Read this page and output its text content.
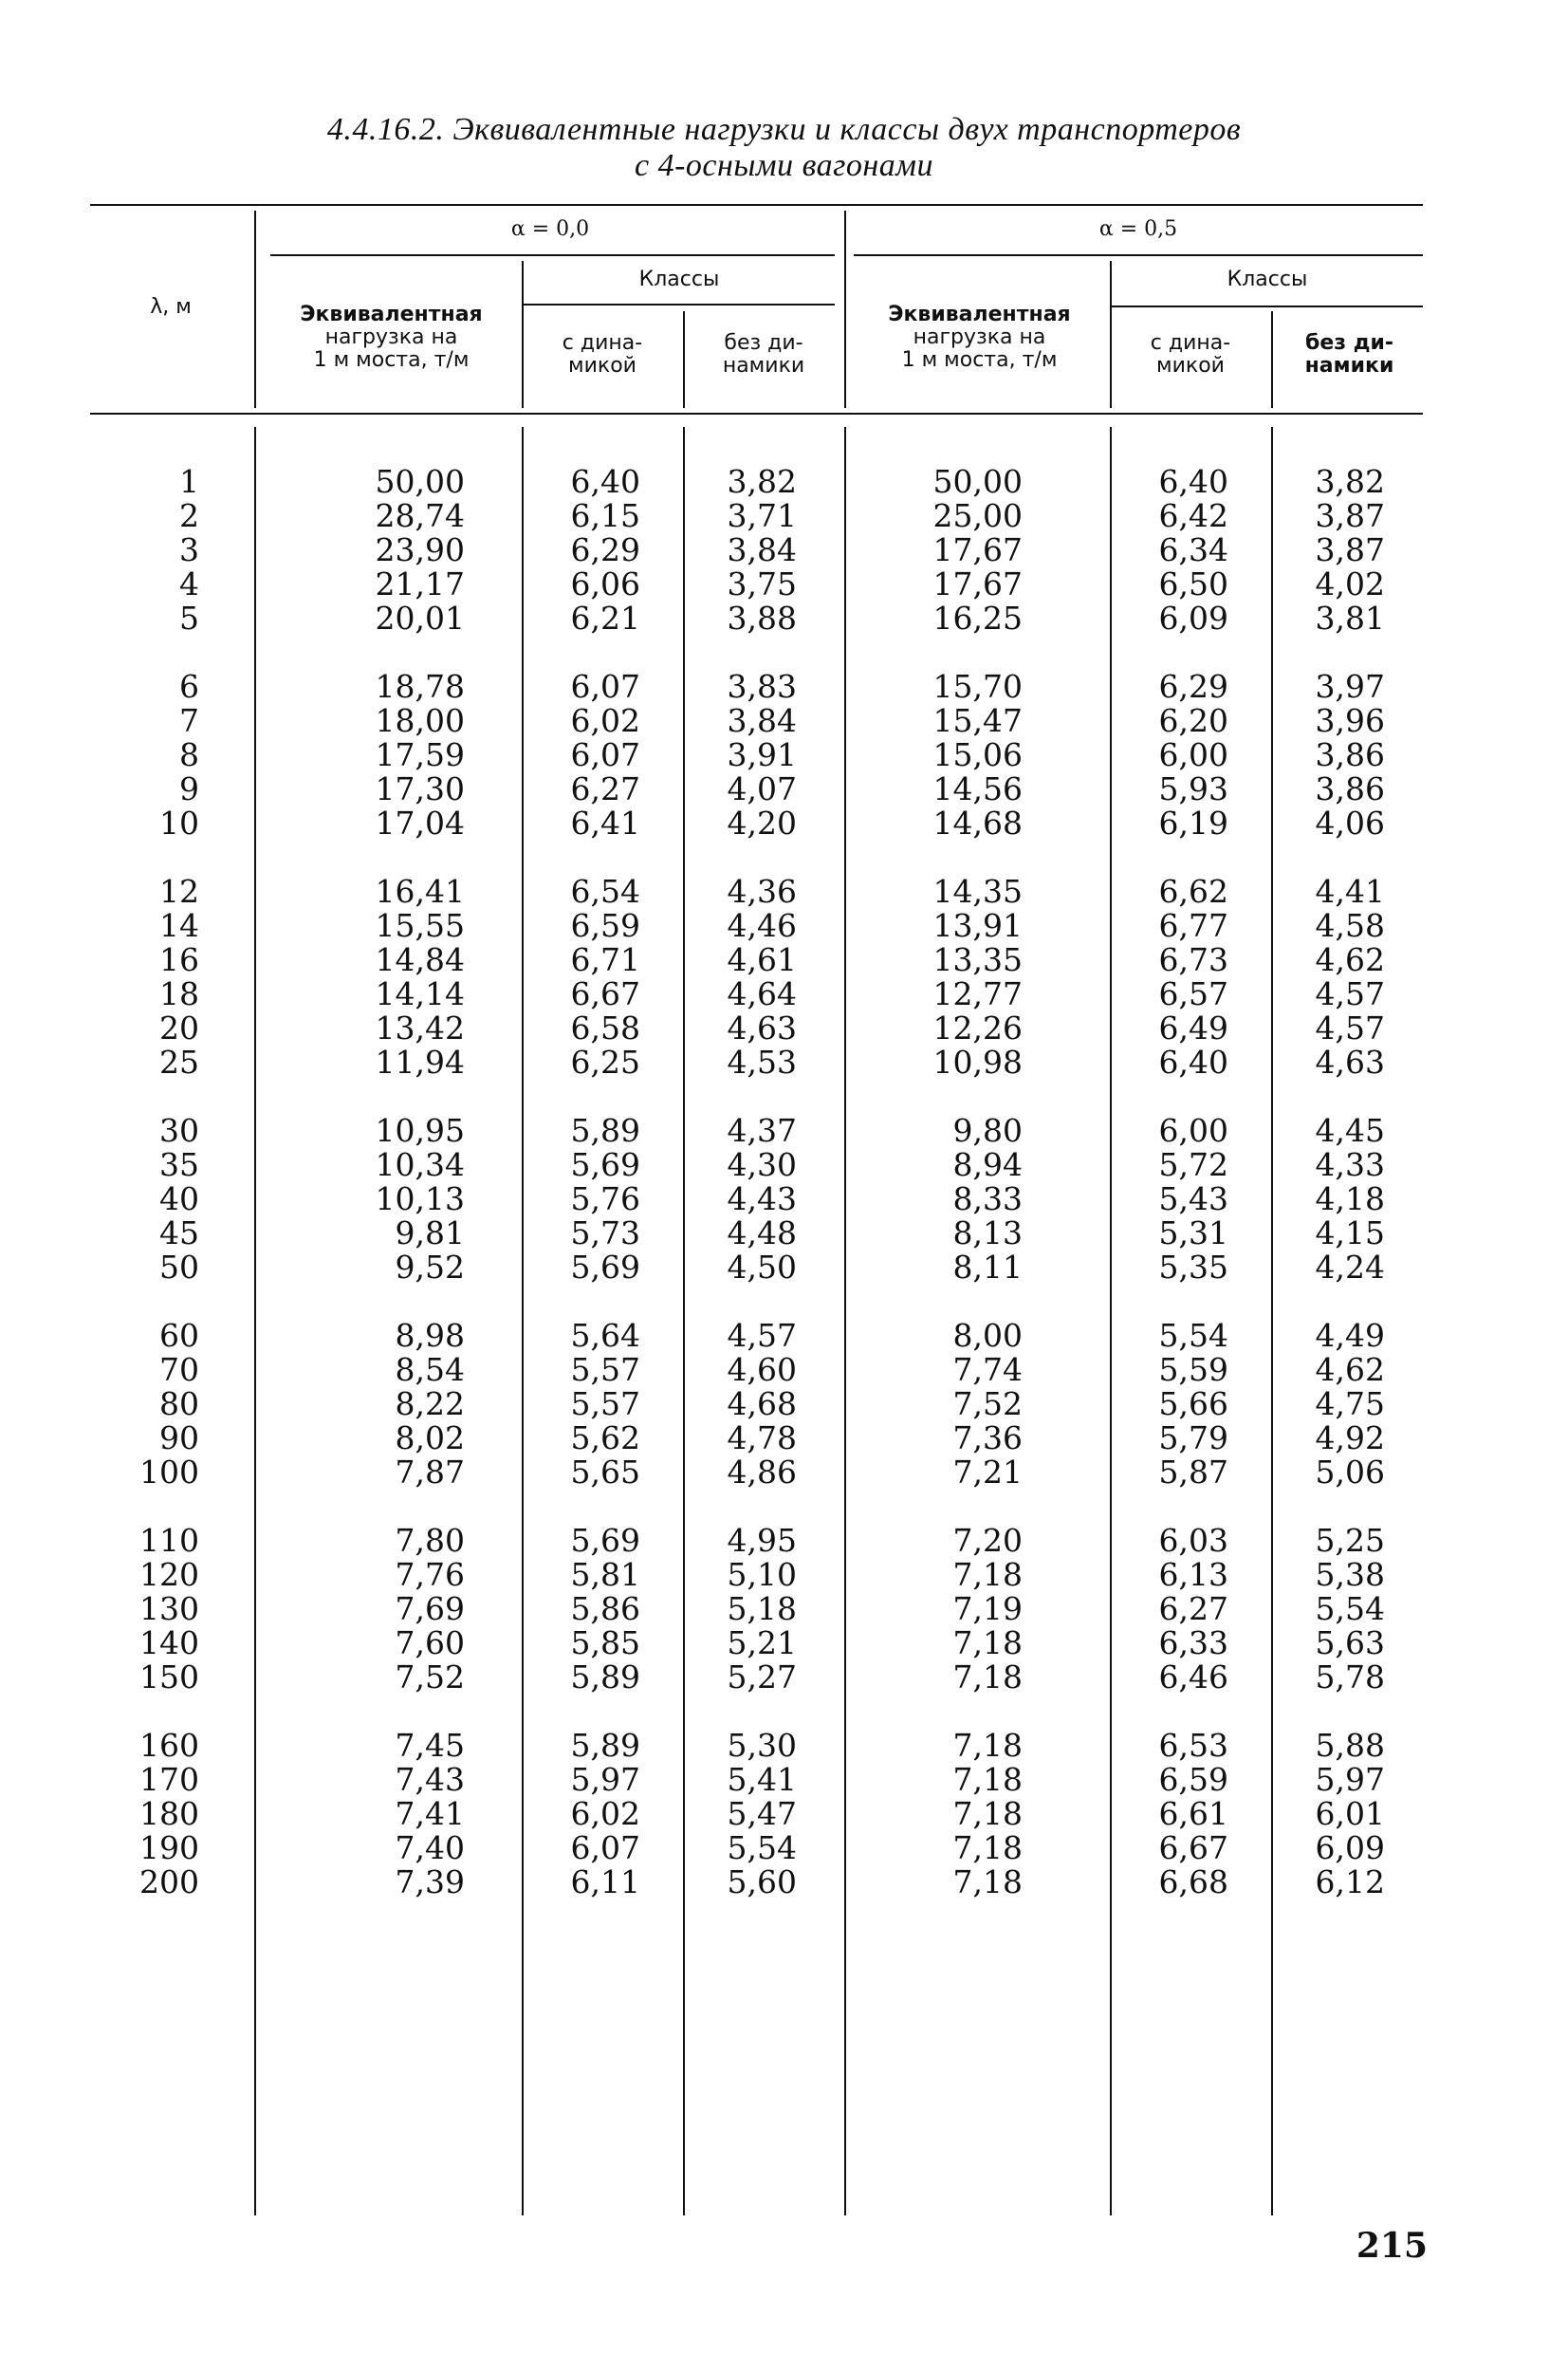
4.4.16.2. Эквивалентные нагрузки и классы двух транспортеров
с 4-осными вагонами
λ, м
α = 0,0	α = 0,5
Эквивалентная
нагрузка на
1 м моста, т/м
Классы
с дина-
микой
без ди-
намики
Эквивалентная
нагрузка на
1 м моста, т/м
Классы
с дина-
микой
без ди-
намики
1
2
3
4
5
6
7
8
9
10
12
14
16
18
20
25
30
35
40
45
50
60
70
80
90
100
110
120
130
140
150
160
170
180
190
200
50,00
28,74
23,90
21,17
20,01
18,78
18,00
17,59
17,30
17,04
16,41
15,55
14,84
14,14
13,42
11,94
10,95
10,34
10,13
9,81
9,52
8,98
8,54
8,22
8,02
7,87
7,80
7,76
7,69
7,60
7,52
7,45
7,43
7,41
7,40
7,39
6,40
6,15
6,29
6,06
6,21
6,07
6,02
6,07
6,27
6,41
6,54
6,59
6,71
6,67
6,58
6,25
5,89
5,69
5,76
5,73
5,69
5,64
5,57
5,57
5,62
5,65
5,69
5,81
5,86
5,85
5,89
5,89
5,97
6,02
6,07
6,11
3,82
3,71
3,84
3,75
3,88
3,83
3,84
3,91
4,07
4,20
4,36
4,46
4,61
4,64
4,63
4,53
4,37
4,30
4,43
4,48
4,50
4,57
4,60
4,68
4,78
4,86
4,95
5,10
5,18
5,21
5,27
5,30
5,41
5,47
5,54
5,60
50,00
25,00
17,67
17,67
16,25
15,70
15,47
15,06
14,56
14,68
14,35
13,91
13,35
12,77
12,26
10,98
9,80
8,94
8,33
8,13
8,11
8,00
7,74
7,52
7,36
7,21
7,20
7,18
7,19
7,18
7,18
7,18
7,18
7,18
7,18
7,18
6,40
6,42
6,34
6,50
6,09
6,29
6,20
6,00
5,93
6,19
6,62
6,77
6,73
6,57
6,49
6,40
6,00
5,72
5,43
5,31
5,35
5,54
5,59
5,66
5,79
5,87
6,03
6,13
6,27
6,33
6,46
6,53
6,59
6,61
6,67
6,68
3,82
3,87
3,87
4,02
3,81
3,97
3,96
3,86
3,86
4,06
4,41
4,58
4,62
4,57
4,57
4,63
4,45
4,33
4,18
4,15
4,24
4,49
4,62
4,75
4,92
5,06
5,25
5,38
5,54
5,63
5,78
5,88
5,97
6,01
6,09
6,12
215
